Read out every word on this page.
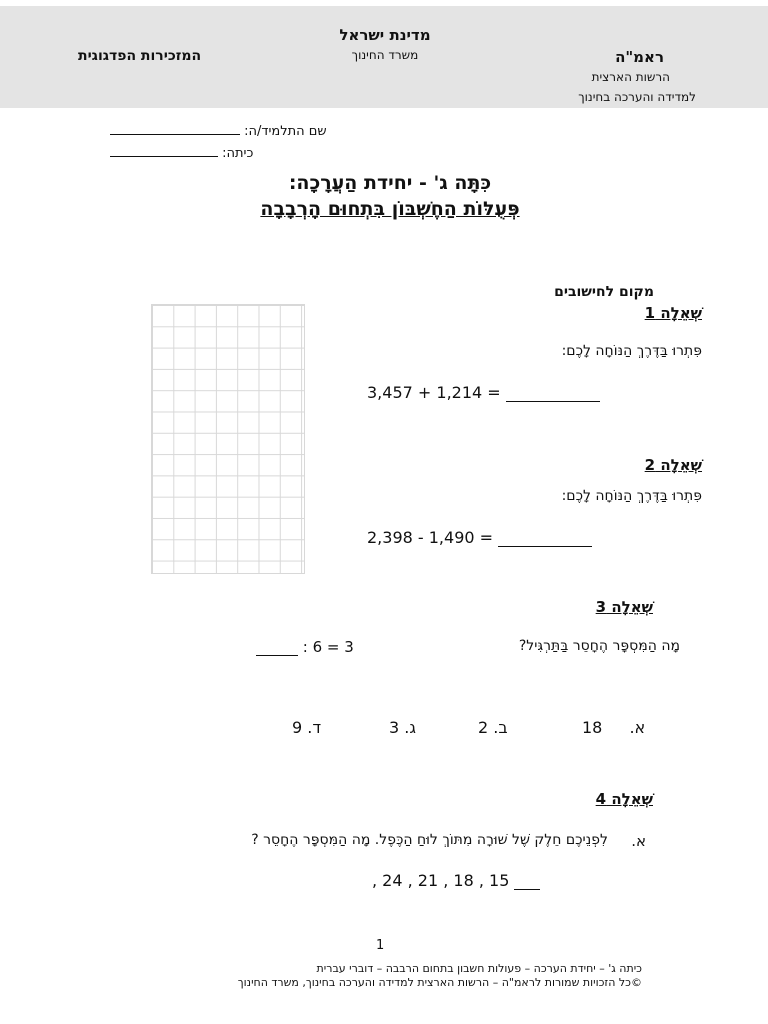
מדינת ישראל
משרד החינוך	ראמ"ה
הרשות הארצית
למדידה והערכה בחינוך
המזכירות הפדגוגית
שם התלמיד/ה:
כיתה:
כִּתָּה ג' - יחידת הַעֲרָכָה:
פְּעֻלּוֹת הַחֶשְׁבּוֹן בִּתְחוּם הָרְבָבָה
מקום לחישובים
שְׁאֵלָה 1
פִּתְרוּ בַּדֶּרֶךְ הַנּוֹחָה לָכֶם:
3,457 + 1,214 =
שְׁאֵלָה 2
פִּתְרוּ בַּדֶּרֶךְ הַנּוֹחָה לָכֶם:
2,398 - 1,490 =
שְׁאֵלָה 3
מָה הַמִּסְפָּר הֶחָסֵר בַּתַּרְגִּיל?
: 6 = 3
18 א.
ב. 2
ג. 3
ד. 9
שְׁאֵלָה 4
א.
לִפְנֵיכֶם חֵלֶק שֶׁל שׁוּרָה מִתּוֹךְ לוּחַ הַכֶּפֶל. מָה הַמִּסְפָּר הֶחָסֵר ?
, 24 , 21 , 18 , 15
1
כיתה ג' – יחידת הערכה – פעולות חשבון בתחום הרבבה – דוברי עברית
©כל הזכויות שמורות לראמ"ה – הרשות הארצית למדידה והערכה בחינוך, משרד החינוך
